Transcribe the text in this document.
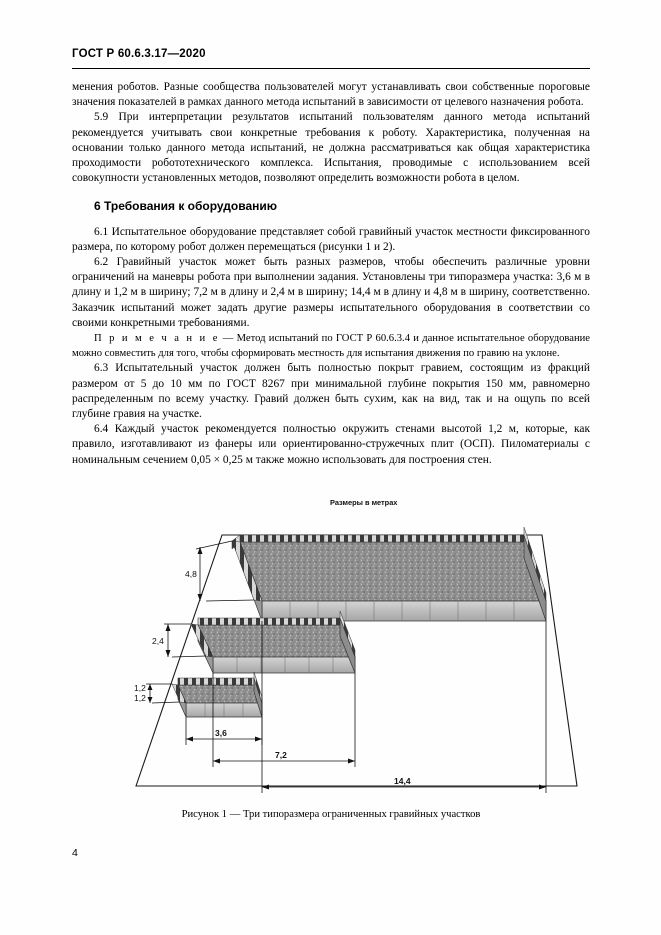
ГОСТ Р 60.6.3.17—2020

менения роботов. Разные сообщества пользователей могут устанавливать свои собственные пороговые значения показателей в рамках данного метода испытаний в зависимости от целевого назначения робота.

5.9 При интерпретации результатов испытаний пользователям данного метода испытаний рекомендуется учитывать свои конкретные требования к роботу. Характеристика, полученная на основании только данного метода испытаний, не должна рассматриваться как общая характеристика проходимости робототехнического комплекса. Испытания, проводимые с использованием всей совокупности установленных методов, позволяют определить возможности робота в целом.

6 Требования к оборудованию

6.1 Испытательное оборудование представляет собой гравийный участок местности фиксированного размера, по которому робот должен перемещаться (рисунки 1 и 2).

6.2 Гравийный участок может быть разных размеров, чтобы обеспечить различные уровни ограничений на маневры робота при выполнении задания. Установлены три типоразмера участка: 3,6 м в длину и 1,2 м в ширину; 7,2 м в длину и 2,4 м в ширину; 14,4 м в длину и 4,8 м в ширину, соответственно. Заказчик испытаний может задать другие размеры испытательного оборудования в соответствии со своими конкретными требованиями.

П р и м е ч а н и е — Метод испытаний по ГОСТ Р 60.6.3.4 и данное испытательное оборудование можно совместить для того, чтобы сформировать местность для испытания движения по гравию на уклоне.

6.3 Испытательный участок должен быть полностью покрыт гравием, состоящим из фракций размером от 5 до 10 мм по ГОСТ 8267 при минимальной глубине покрытия 150 мм, равномерно распределенным по всему участку. Гравий должен быть сухим, как на вид, так и на ощупь по всей глубине гравия на участке.

6.4 Каждый участок рекомендуется полностью окружить стенами высотой 1,2 м, которые, как правило, изготавливают из фанеры или ориентированно-стружечных плит (ОСП). Пиломатериалы с номинальным сечением 0,05 × 0,25 м также можно использовать для построения стен.

Размеры в метрах
4,8
2,4
1,2
1,2
3,6
7,2
14,4
Рисунок 1 — Три типоразмера ограниченных гравийных участков
4
